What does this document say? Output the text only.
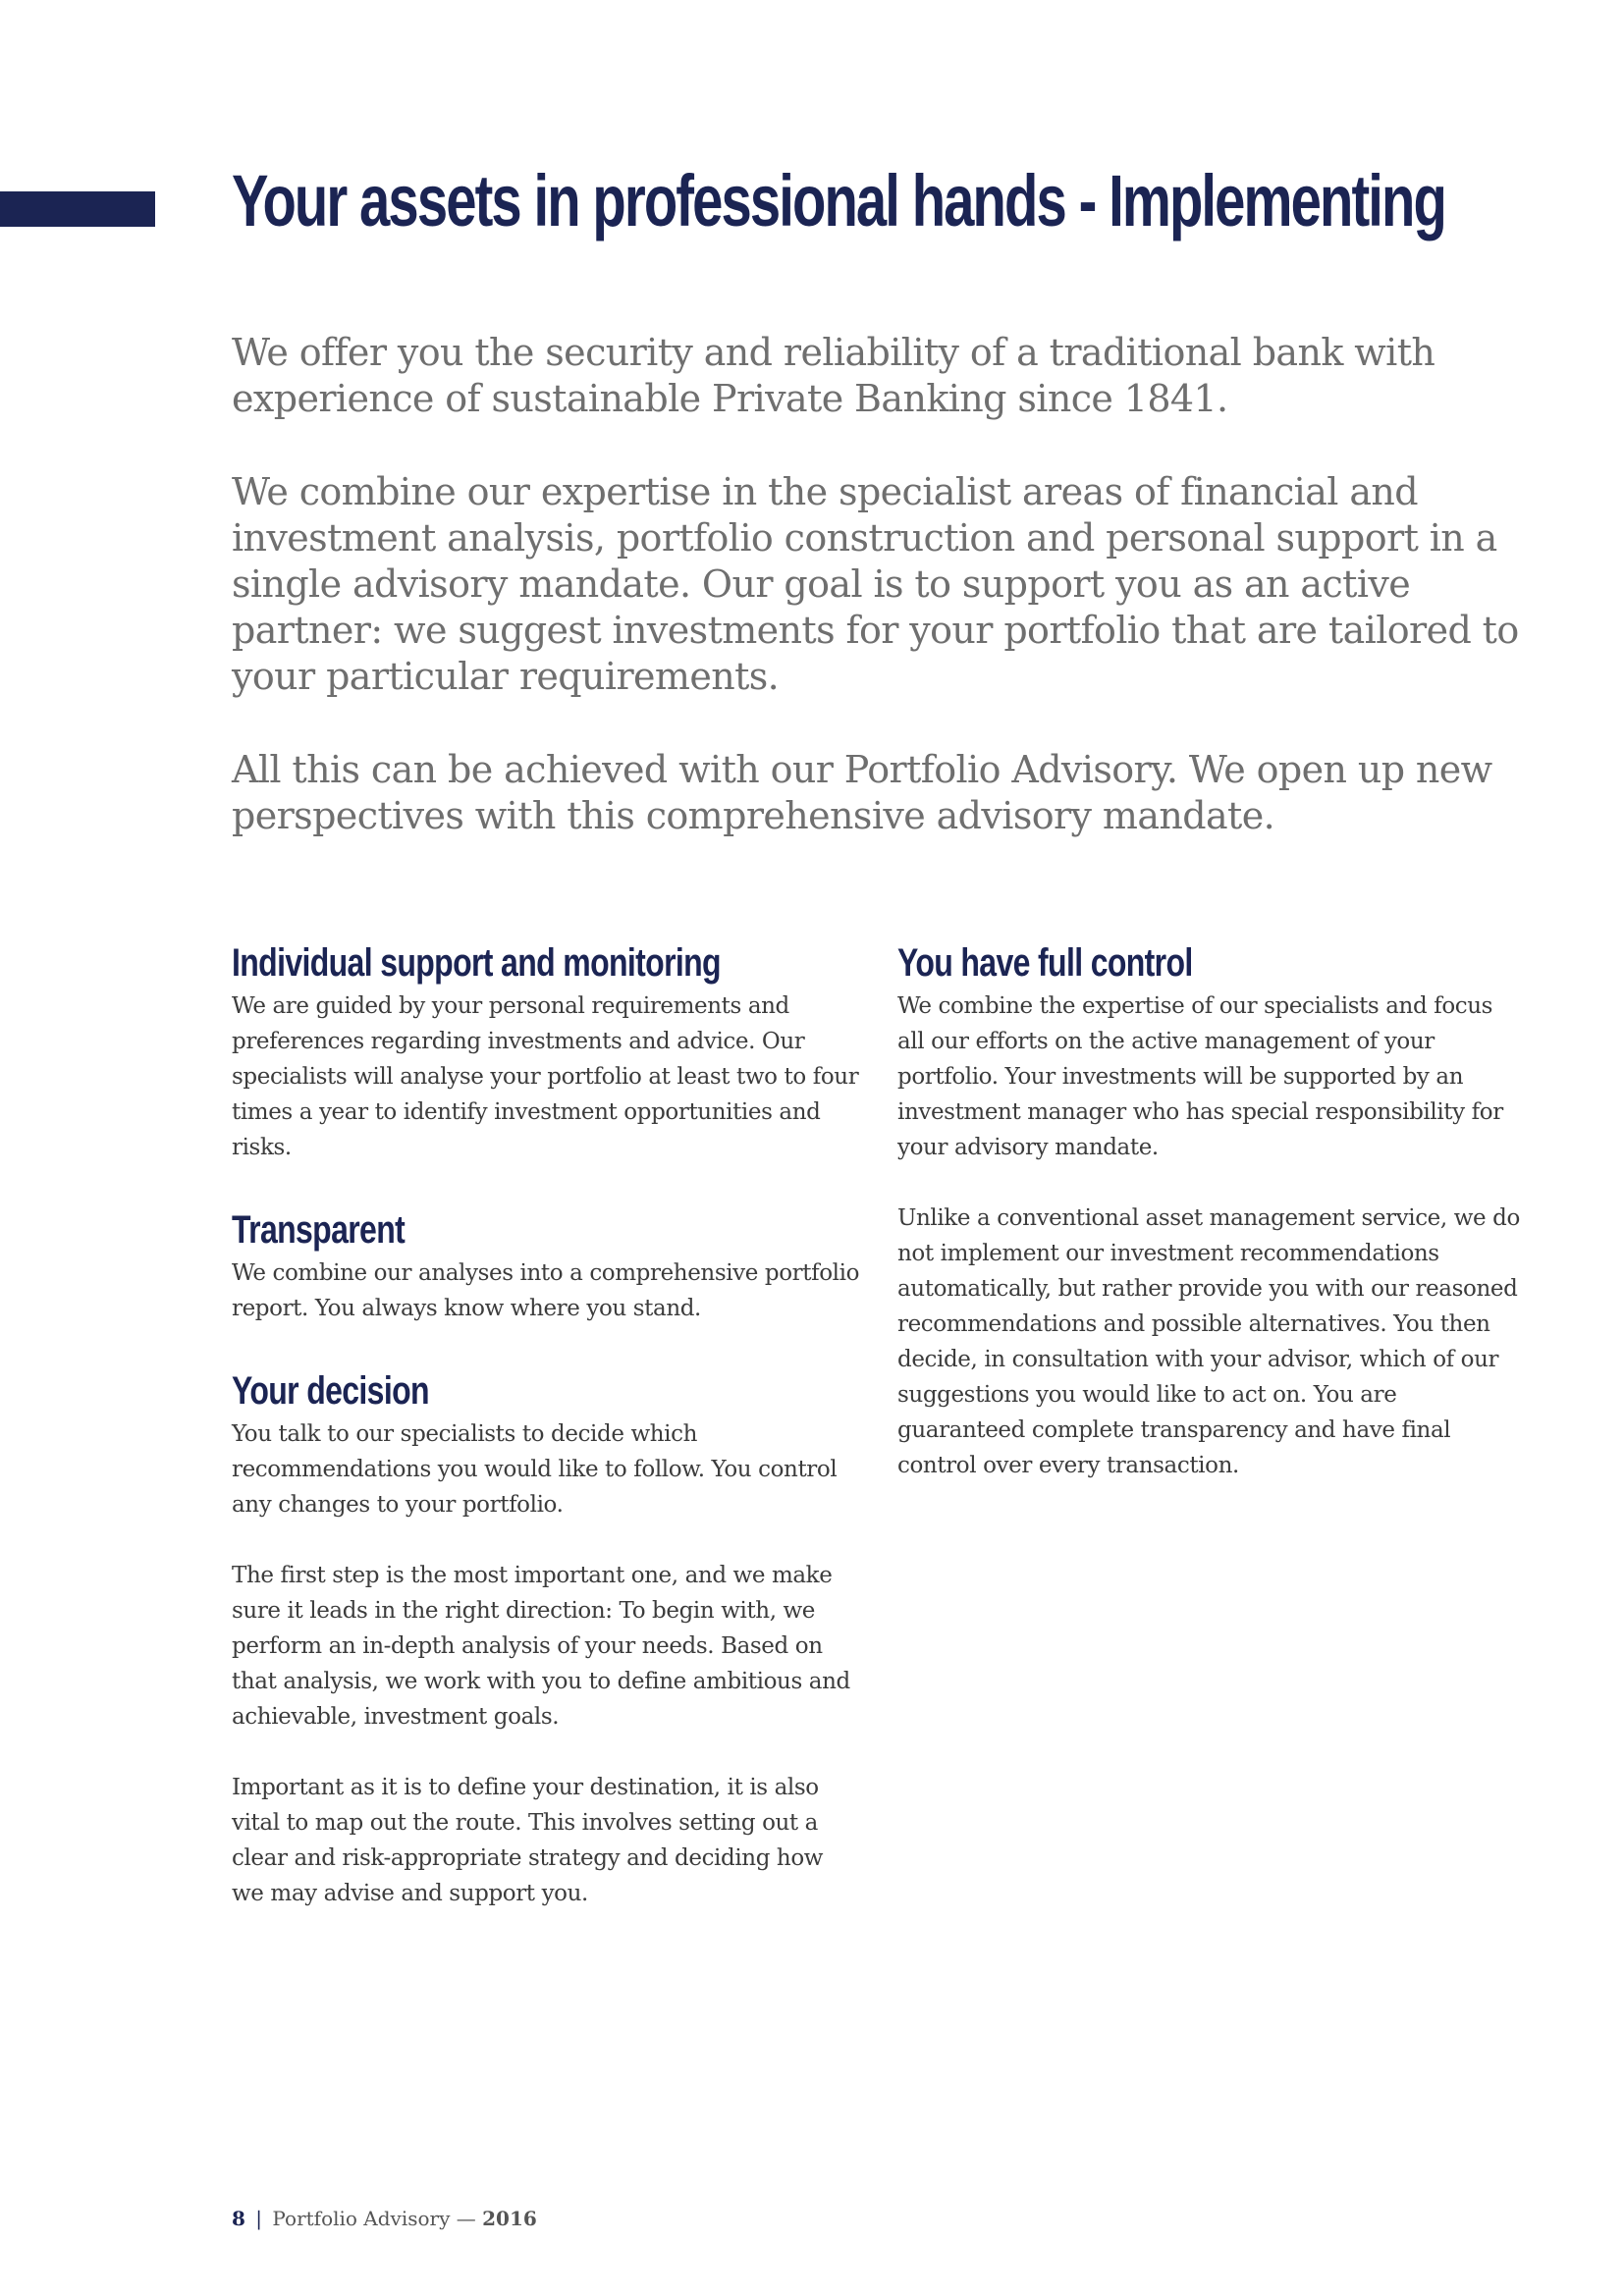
Your assets in professional hands - Implementing

We offer you the security and reliability of a traditional bank with experience of sustainable Private Banking since 1841.

We combine our expertise in the specialist areas of financial and investment analysis, portfolio construction and personal support in a single advisory mandate. Our goal is to support you as an active partner: we suggest investments for your portfolio that are tailored to your particular requirements.

All this can be achieved with our Portfolio Advisory. We open up new perspectives with this comprehensive advisory mandate.

Individual support and monitoring

We are guided by your personal requirements and preferences regarding investments and advice. Our specialists will analyse your portfolio at least two to four times a year to identify investment opportunities and risks.

Transparent

We combine our analyses into a comprehensive portfolio report. You always know where you stand.

Your decision

You talk to our specialists to decide which recommendations you would like to follow. You control any changes to your portfolio.

The first step is the most important one, and we make sure it leads in the right direction: To begin with, we perform an in-depth analysis of your needs. Based on that analysis, we work with you to define ambitious and achievable, investment goals.

Important as it is to define your destination, it is also vital to map out the route. This involves setting out a clear and risk-appropriate strategy and deciding how we may advise and support you.

You have full control

We combine the expertise of our specialists and focus all our efforts on the active management of your portfolio. Your investments will be supported by an investment manager who has special responsibility for your advisory mandate.

Unlike a conventional asset management service, we do not implement our investment recommendations automatically, but rather provide you with our reasoned recommendations and possible alternatives. You then decide, in consultation with your advisor, which of our suggestions you would like to act on. You are guaranteed complete transparency and have final control over every transaction.

8 | Portfolio Advisory — 2016
